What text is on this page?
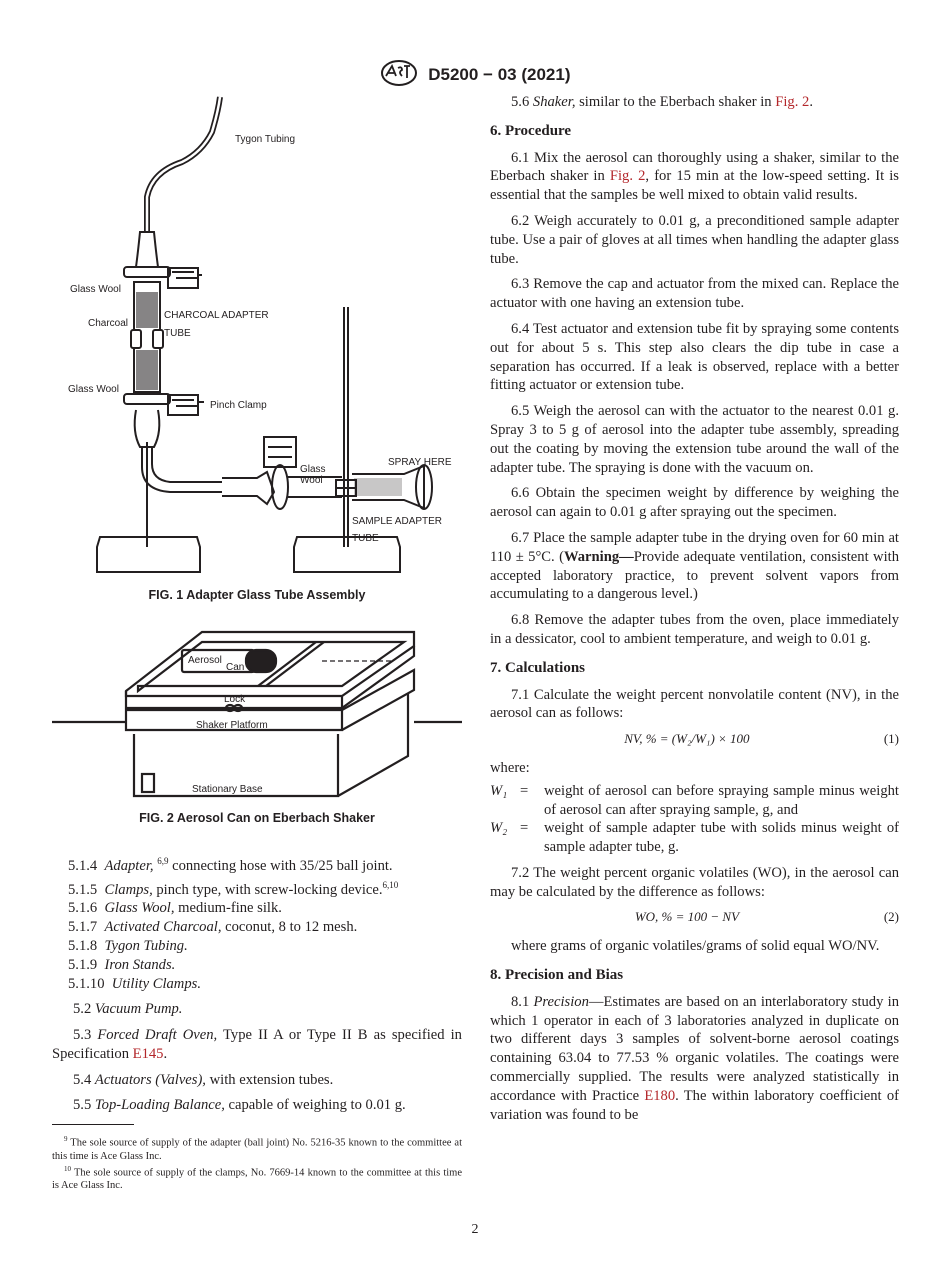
D5200 − 03 (2021)
Tygon Tubing
Glass Wool
Charcoal
CHARCOAL ADAPTER
TUBE
Glass Wool
Pinch Clamp
Glass
Wool
SPRAY HERE
SAMPLE ADAPTER
TUBE
FIG. 1 Adapter Glass Tube Assembly
Aerosol
Can
Lock
Shaker Platform
Stationary Base
FIG. 2 Aerosol Can on Eberbach Shaker
5.1.4 Adapter, $^{6,9}$ connecting hose with 35/25 ball joint.
5.1.5 Clamps, pinch type, with screw-locking device.$^{6,10}$
5.1.6 Glass Wool, medium-fine silk.
5.1.7 Activated Charcoal, coconut, 8 to 12 mesh.
5.1.8 Tygon Tubing.
5.1.9 Iron Stands.
5.1.10 Utility Clamps.

5.2 Vacuum Pump.

5.3 Forced Draft Oven, Type II A or Type II B as specified in Specification E145.

5.4 Actuators (Valves), with extension tubes.

5.5 Top-Loading Balance, capable of weighing to 0.01 g.

$^9$ The sole source of supply of the adapter (ball joint) No. 5216-35 known to the committee at this time is Ace Glass Inc.
$^{10}$ The sole source of supply of the clamps, No. 7669-14 known to the committee at this time is Ace Glass Inc.

5.6 Shaker, similar to the Eberbach shaker in Fig. 2.

6. Procedure

6.1 Mix the aerosol can thoroughly using a shaker, similar to the Eberbach shaker in Fig. 2, for 15 min at the low-speed setting. It is essential that the samples be well mixed to obtain valid results.

6.2 Weigh accurately to 0.01 g, a preconditioned sample adapter tube. Use a pair of gloves at all times when handling the adapter glass tube.

6.3 Remove the cap and actuator from the mixed can. Replace the actuator with one having an extension tube.

6.4 Test actuator and extension tube fit by spraying some contents out for about 5 s. This step also clears the dip tube in case a separation has occurred. If a leak is observed, replace with a better fitting actuator or extension tube.

6.5 Weigh the aerosol can with the actuator to the nearest 0.01 g. Spray 3 to 5 g of aerosol into the adapter tube assembly, spreading out the coating by moving the extension tube around the wall of the adapter tube. The spraying is done with the vacuum on.

6.6 Obtain the specimen weight by difference by weighing the aerosol can again to 0.01 g after spraying out the specimen.

6.7 Place the sample adapter tube in the drying oven for 60 min at 110 ± 5°C. (Warning—Provide adequate ventilation, consistent with accepted laboratory practice, to prevent solvent vapors from accumulating to a dangerous level.)

6.8 Remove the adapter tubes from the oven, place immediately in a dessicator, cool to ambient temperature, and weigh to 0.01 g.

7. Calculations

7.1 Calculate the weight percent nonvolatile content (NV), in the aerosol can as follows:

NV, % = (W₂/W₁) × 100	(1)
where:
W₁ =	weight of aerosol can before spraying sample minus weight of aerosol can after spraying sample, g, and
W₂ =	weight of sample adapter tube with solids minus weight of sample adapter tube, g.

7.2 The weight percent organic volatiles (WO), in the aerosol can may be calculated by the difference as follows:

WO, % = 100 − NV	(2)

where grams of organic volatiles/grams of solid equal WO/NV.

8. Precision and Bias

8.1 Precision—Estimates are based on an interlaboratory study in which 1 operator in each of 3 laboratories analyzed in duplicate on two different days 3 samples of solvent-borne aerosol coatings containing 63.04 to 77.53 % organic volatiles. The coatings were commercially supplied. The results were analyzed statistically in accordance with Practice E180. The within laboratory coefficient of variation was found to be

2
